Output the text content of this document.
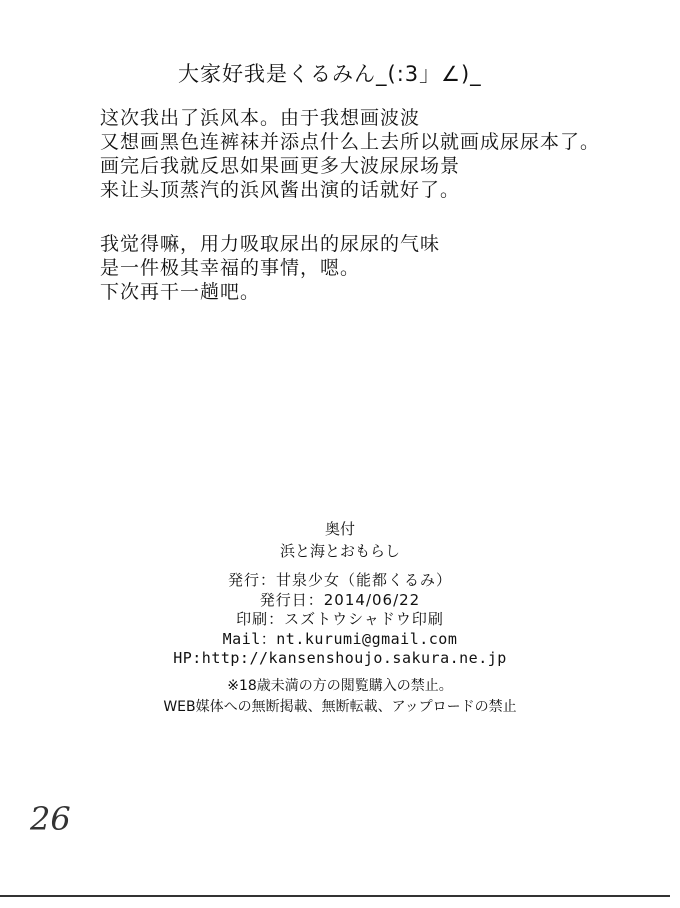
大家好我是くるみん_(:3」∠)_
这次我出了浜风本。由于我想画波波
又想画黑色连裤袜并添点什么上去所以就画成尿尿本了。
画完后我就反思如果画更多大波尿尿场景
来让头顶蒸汽的浜风酱出演的话就好了。
我觉得嘛，用力吸取尿出的尿尿的气味
是一件极其幸福的事情，嗯。
下次再干一趟吧。
奥付
浜と海とおもらし
発行：甘泉少女（能都くるみ）
発行日：2014/06/22
印刷：スズトウシャドウ印刷
Mail：nt.kurumi@gmail.com
HP:http://kansenshoujo.sakura.ne.jp
※18歳未満の方の閲覧購入の禁止。
WEB媒体への無断掲載、無断転載、アップロードの禁止
26
